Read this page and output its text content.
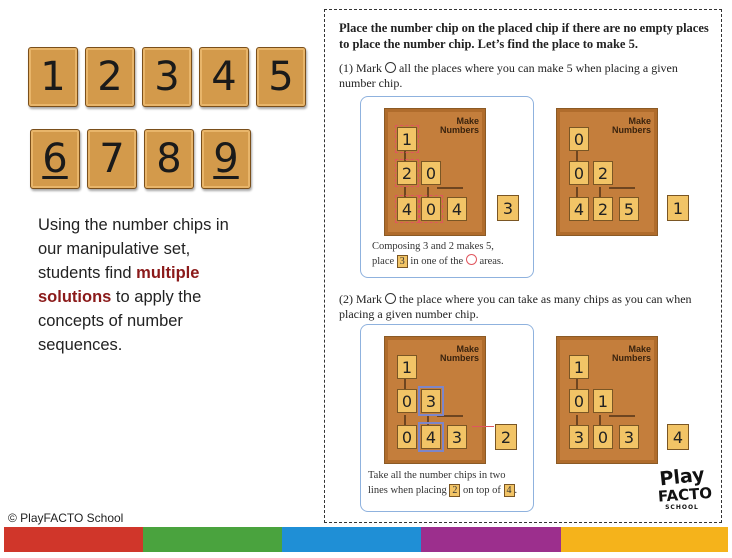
1 2 3 4 5
6 7 8 9
Using the number chips in our manipulative set, students find multiple solutions to apply the concepts of number sequences.
© PlayFACTO School
Place the number chip on the placed chip if there are no empty places to place the number chip. Let’s find the place to make 5.
(1) Mark all the places where you can make 5 when placing a given number chip.
Make
Numbers
1
2 0
4 0 4	3
Composing 3 and 2 makes 5,
place 3 in one of the areas.
Make
Numbers
0
0 2
4 2 5	1
(2) Mark the place where you can take as many chips as you can when placing a given number chip.
Make
Numbers
1
0 3
0 4 3	2
Take all the number chips in two
lines when placing 2 on top of 4 .
Make
Numbers
1
0 1
3 0 3	4
Play
FACTO
SCHOOL
